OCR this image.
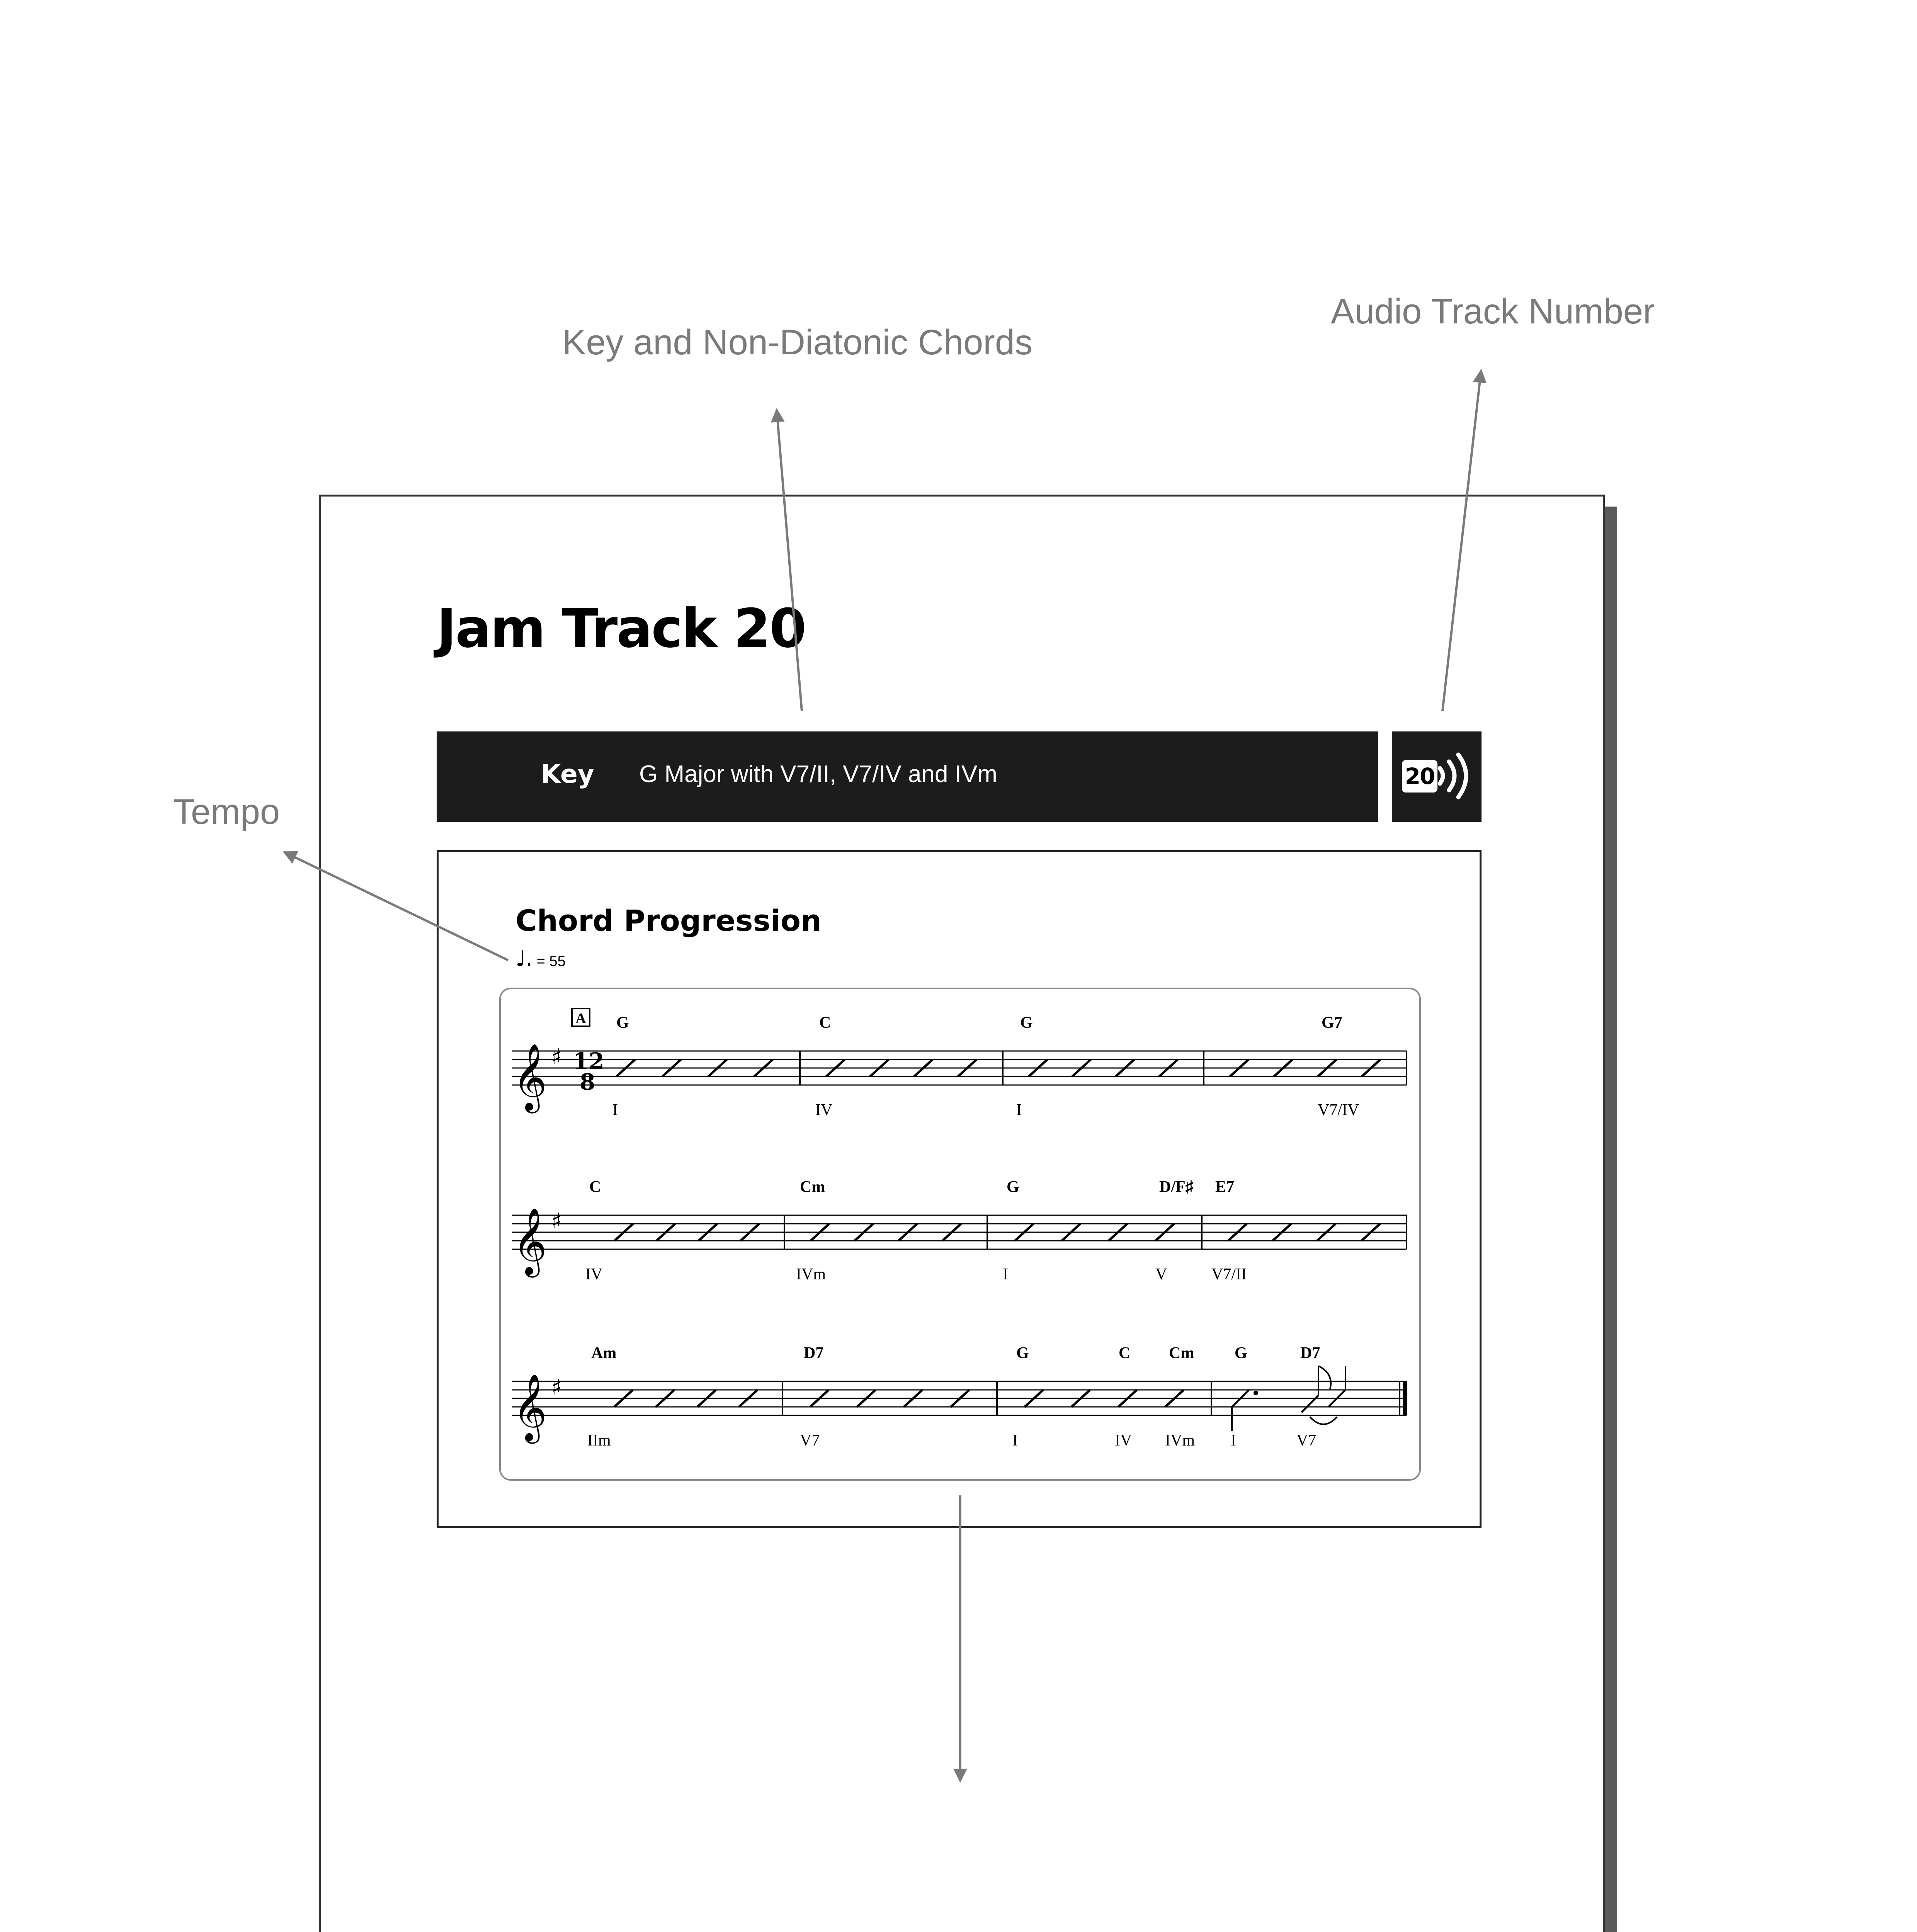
Key and Non-Diatonic Chords
Audio Track Number
Tempo
Jam Track 20
Key G Major with V7/II, V7/IV and IVm	20
Chord Progression
♩. = 55
𝄞 ♯ 12
8
A G
I
C
IV
G
I
G7
V7/IV
𝄞 ♯
C
IV
Cm
IVm
G
I
D/F♯
V
E7
V7/II
𝄞 ♯
Am
IIm
D7
V7
G
I
C
IV
Cm
IVm
G
I
D7
V7
